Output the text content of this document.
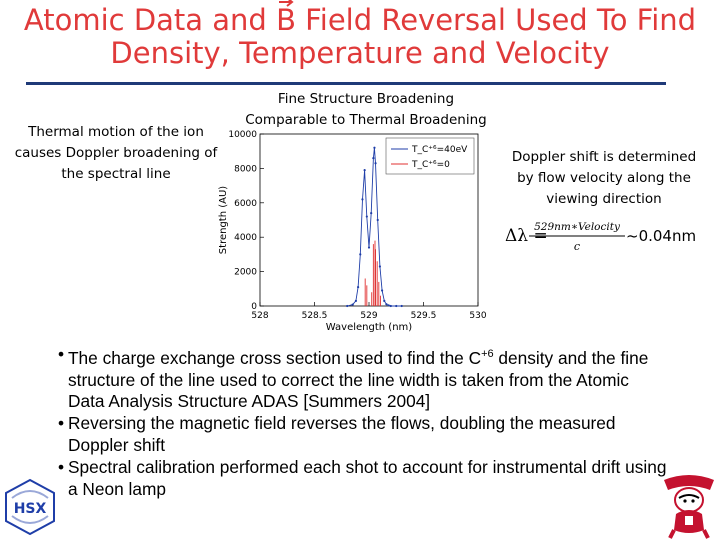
Atomic Data and
B Field Reversal Used To Find
Density, Temperature and Velocity
Fine Structure Broadening
Comparable to Thermal Broadening
Thermal motion of the ion
causes Doppler broadening of
the spectral line
Doppler shift is determined
by flow velocity along the
viewing direction
0
2000
4000
6000
8000
10000
528	528.5	529	529.5	530
T_C⁺⁶=40eV
T_C⁺⁶=0
Wavelength (nm)
Strength (AU)	Δλ =
529nm∗Velocity
c
~0.04nm
• The charge exchange cross section used to find the $C^{+6}$ density and the fine structure of the line used to correct the line width is taken from the Atomic Data Analysis Structure ADAS [Summers 2004]
• Reversing the magnetic field reverses the flows, doubling the measured Doppler shift
• Spectral calibration performed each shot to account for instrumental drift using a Neon lamp
HSX
